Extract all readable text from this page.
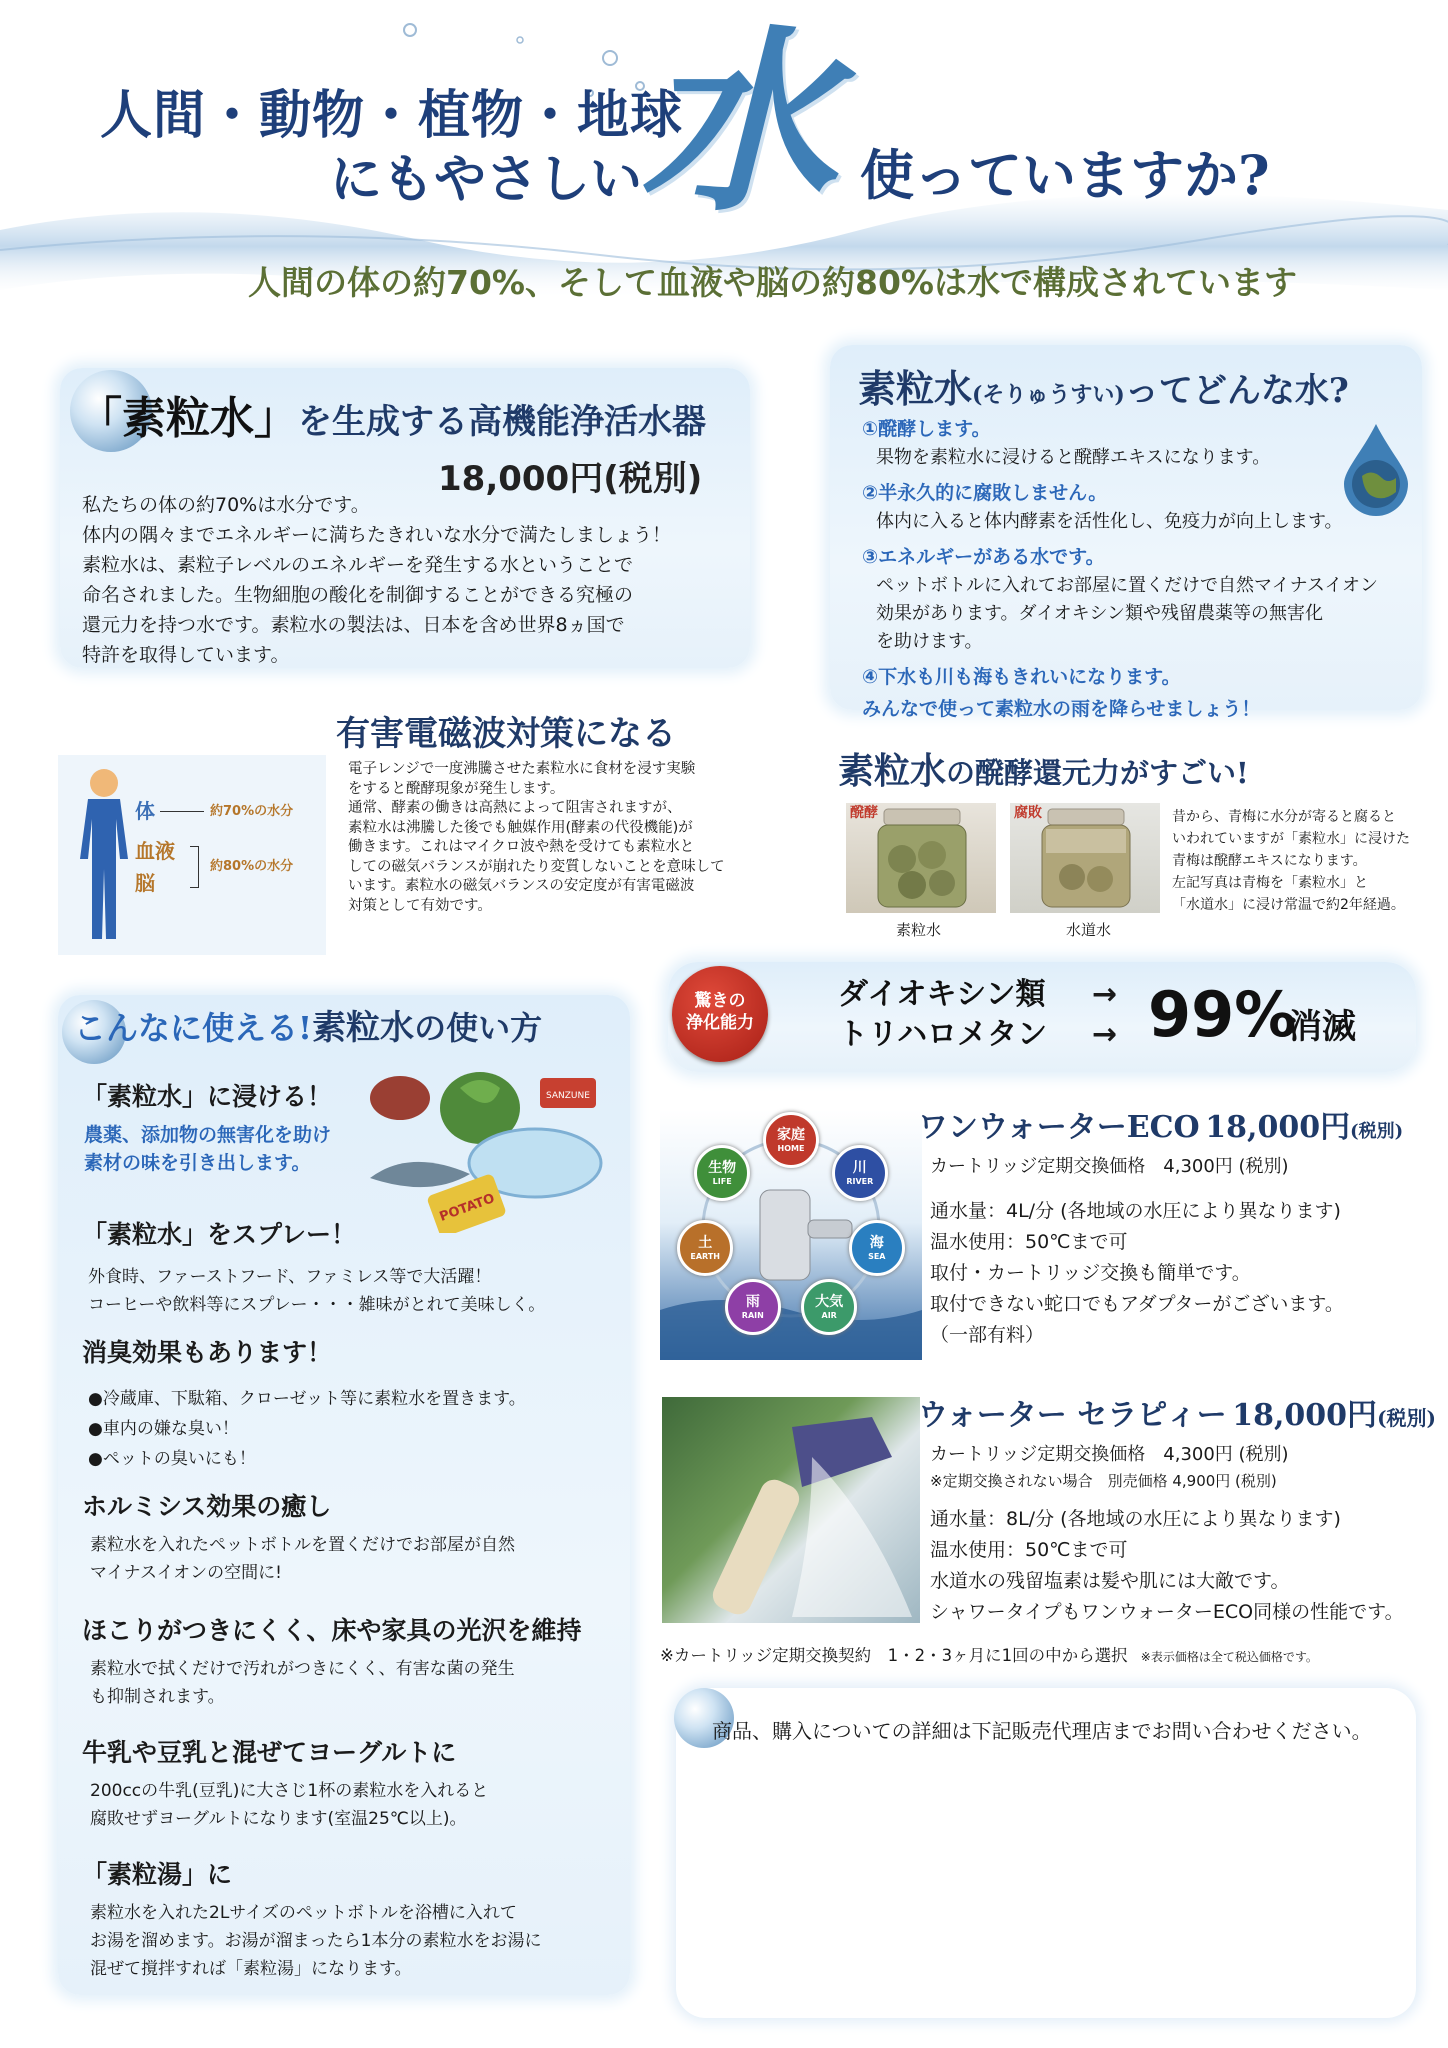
人間・動物・植物・地球
にもやさしい
水 使っていますか?
人間の体の約70%、そして血液や脳の約80%は水で構成されています
「素粒水」を生成する高機能浄活水器
18,000円(税別)
私たちの体の約70%は水分です。
体内の隅々までエネルギーに満ちたきれいな水分で満たしましょう！
素粒水は、素粒子レベルのエネルギーを発生する水ということで
命名されました。生物細胞の酸化を制御することができる究極の
還元力を持つ水です。素粒水の製法は、日本を含め世界8ヵ国で
特許を取得しています。
素粒水(そりゅうすい)ってどんな水?
①醗酵します。
果物を素粒水に浸けると醗酵エキスになります。
②半永久的に腐敗しません。
体内に入ると体内酵素を活性化し、免疫力が向上します。
③エネルギーがある水です。
ペットボトルに入れてお部屋に置くだけで自然マイナスイオン
効果があります。ダイオキシン類や残留農薬等の無害化
を助けます。
④下水も川も海もきれいになります。
みんなで使って素粒水の雨を降らせましょう！
体	約70%の水分
血液
脳
約80%の水分
有害電磁波対策になる
電子レンジで一度沸騰させた素粒水に食材を浸す実験
をすると醗酵現象が発生します。
通常、酵素の働きは高熱によって阻害されますが、
素粒水は沸騰した後でも触媒作用(酵素の代役機能)が
働きます。これはマイクロ波や熱を受けても素粒水と
しての磁気バランスが崩れたり変質しないことを意味して
います。素粒水の磁気バランスの安定度が有害電磁波
対策として有効です。
素粒水の醗酵還元力がすごい!
醗酵
素粒水
腐敗
水道水
昔から、青梅に水分が寄ると腐ると
いわれていますが「素粒水」に浸けた
青梅は醗酵エキスになります。
左記写真は青梅を「素粒水」と
「水道水」に浸け常温で約2年経過。
驚きの
浄化能力
ダイオキシン類
トリハロメタン
→
→ 99%
消滅
こんなに使える!素粒水の使い方
「素粒水」に浸ける！
農薬、添加物の無害化を助け
素材の味を引き出します。
SANZUNE
POTATO
「素粒水」をスプレー！
外食時、ファーストフード、ファミレス等で大活躍！
コーヒーや飲料等にスプレー・・・雑味がとれて美味しく。
消臭効果もあります！
●冷蔵庫、下駄箱、クローゼット等に素粒水を置きます。
●車内の嫌な臭い！
●ペットの臭いにも！
ホルミシス効果の癒し
素粒水を入れたペットボトルを置くだけでお部屋が自然
マイナスイオンの空間に!
ほこりがつきにくく、床や家具の光沢を維持
素粒水で拭くだけで汚れがつきにくく、有害な菌の発生
も抑制されます。
牛乳や豆乳と混ぜてヨーグルトに
200ccの牛乳(豆乳)に大さじ1杯の素粒水を入れると
腐敗せずヨーグルトになります(室温25℃以上)。
「素粒湯」に
素粒水を入れた2Lサイズのペットボトルを浴槽に入れて
お湯を溜めます。お湯が溜まったら1本分の素粒水をお湯に
混ぜて撹拌すれば「素粒湯」になります。
家庭
HOME
川
RIVER
海
SEA
大気
AIR
雨
RAIN
土
EARTH
生物
LIFE
ワンウォーターECO 18,000円(税別)
カートリッジ定期交換価格　4,300円 (税別)
通水量：4L/分 (各地域の水圧により異なります)
温水使用：50℃まで可
取付・カートリッジ交換も簡単です。
取付できない蛇口でもアダプターがございます。
（一部有料）
ウォーター セラピィー 18,000円(税別)
カートリッジ定期交換価格　4,300円 (税別)
※定期交換されない場合　別売価格 4,900円 (税別)
通水量：8L/分 (各地域の水圧により異なります)
温水使用：50℃まで可
水道水の残留塩素は髪や肌には大敵です。
シャワータイプもワンウォーターECO同様の性能です。
※カートリッジ定期交換契約　1・2・3ヶ月に1回の中から選択 ※表示価格は全て税込価格です。
商品、購入についての詳細は下記販売代理店までお問い合わせください。
